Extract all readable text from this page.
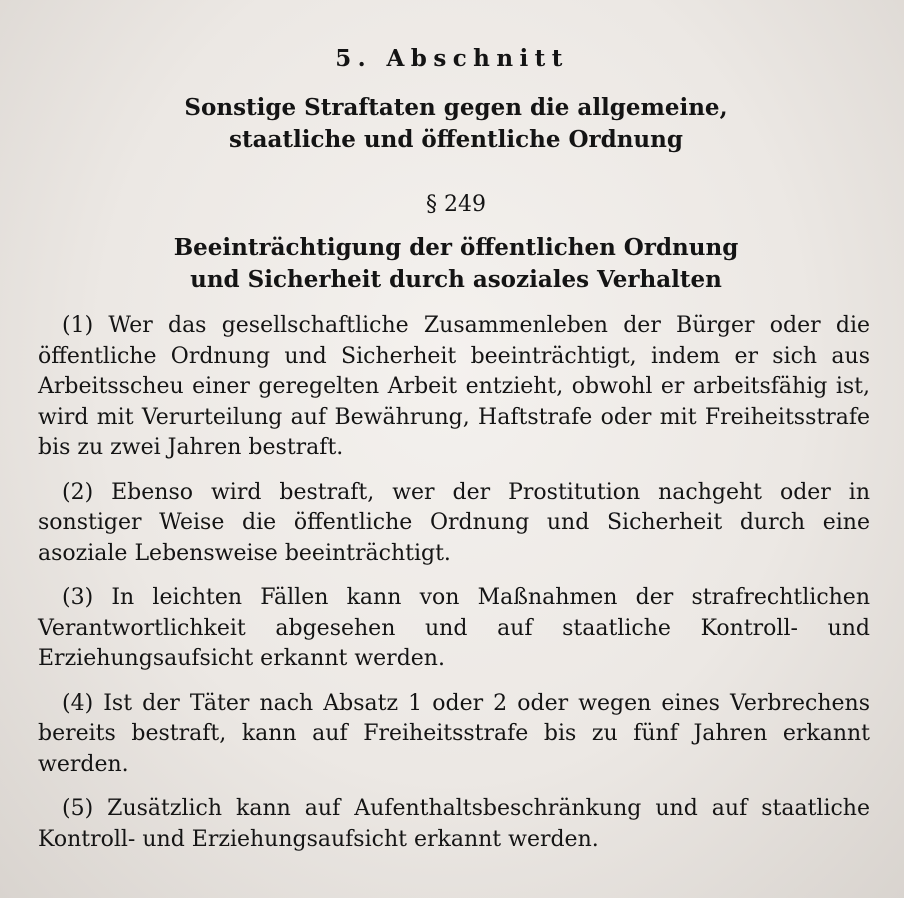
5. Abschnitt
Sonstige Straftaten gegen die allgemeine,
staatliche und öffentliche Ordnung
§ 249
Beeinträchtigung der öffentlichen Ordnung
und Sicherheit durch asoziales Verhalten

(1) Wer das gesellschaftliche Zusammenleben der Bürger oder die öffentliche Ordnung und Sicherheit beeinträchtigt, indem er sich aus Arbeitsscheu einer geregelten Arbeit entzieht, obwohl er arbeitsfähig ist, wird mit Verurteilung auf Bewährung, Haftstrafe oder mit Freiheitsstrafe bis zu zwei Jahren bestraft.

(2) Ebenso wird bestraft, wer der Prostitution nachgeht oder in sonstiger Weise die öffentliche Ordnung und Sicherheit durch eine asoziale Lebensweise beeinträchtigt.

(3) In leichten Fällen kann von Maßnahmen der strafrechtlichen Verantwortlichkeit abgesehen und auf staatliche Kontroll- und Erziehungsaufsicht erkannt werden.

(4) Ist der Täter nach Absatz 1 oder 2 oder wegen eines Verbrechens bereits bestraft, kann auf Freiheitsstrafe bis zu fünf Jahren erkannt werden.

(5) Zusätzlich kann auf Aufenthaltsbeschränkung und auf staatliche Kontroll- und Erziehungsaufsicht erkannt werden.
